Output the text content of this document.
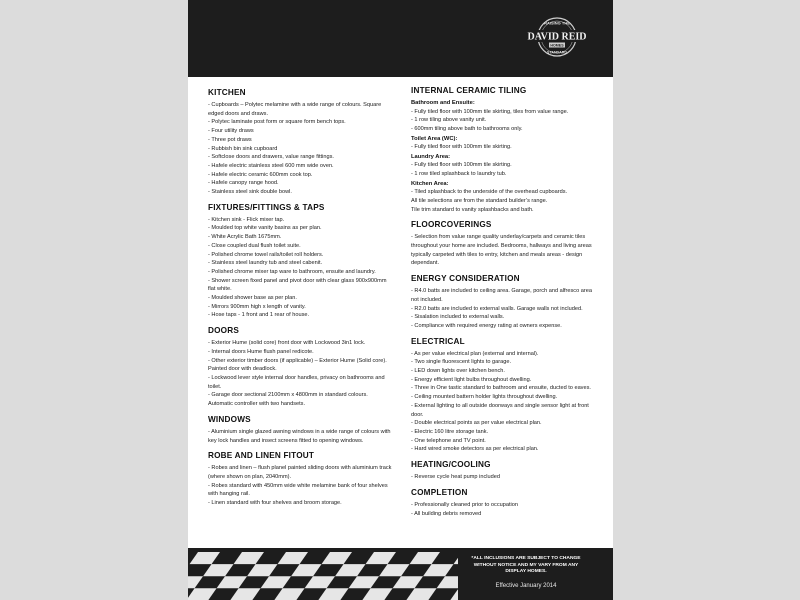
RAISING THE
DAVID REID
HOMES
STANDARD
KITCHEN
- Cupboards – Polytec melamine with a wide range of colours. Square edged doors and draws.
- Polytec laminate post form or square form bench tops.
- Four utility draws
- Three pot draws
- Rubbish bin sink cupboard
- Softclose doors and drawers, value range fittings.
- Hafele electric stainless steel 600 mm wide oven.
- Hafele electric ceramic 600mm cook top.
- Hafele canopy range hood.
- Stainless steel sink double bowl.
FIXTURES/FITTINGS & TAPS
- Kitchen sink - Flick mixer tap.
- Moulded top white vanity basins as per plan.
- White Acrylic Bath 1675mm.
- Close coupled dual flush toilet suite.
- Polished chrome towel rails/toilet roll holders.
- Stainless steel laundry tub and steel cabenit.
- Polished chrome mixer tap ware to bathroom, ensuite and laundry.
- Shower screen fixed panel and pivot door with clear glass 900x900mm flat white.
- Moulded shower base as per plan.
- Mirrors 900mm high x length of vanity.
- Hose taps - 1 front and 1 rear of house.
DOORS
- Exterior Hume (solid core) front door with Lockwood 3in1 lock.
- Internal doors Hume flush panel redicote.
- Other exterior timber doors (if applicable) – Exterior Hume (Solid core). Painted door with deadlock.
- Lockwood lever style internal door handles, privacy on bathrooms and toilet.
- Garage door sectional 2100mm x 4800mm in standard colours. Automatic controller with two handsets.
WINDOWS
- Aluminium single glazed awning windows in a wide range of colours with key lock handles and insect screens fitted to opening windows.
ROBE AND LINEN FITOUT
- Robes and linen – flush planel painted sliding doors with aluminium track (where shown on plan, 2040mm).
- Robes standard with 450mm wide white melamine bank of four shelves with hanging rail.
- Linen standard with four shelves and broom storage.
INTERNAL CERAMIC TILING
Bathroom and Ensuite:
- Fully tiled floor with 100mm tile skirting, tiles from value range.
- 1 row tiling above vanity unit.
- 600mm tiling above bath to bathrooms only.
Toilet Area (WC):
- Fully tiled floor with 100mm tile skirting.
Laundry Area:
- Fully tiled floor with 100mm tile skirting.
- 1 row tiled splashback to laundry tub.
Kitchen Area:
- Tiled splashback to the underside of the overhead cupboards.
All tile selections are from the standard builder’s range.
Tile trim standard to vanity splashbacks and bath.
FLOORCOVERINGS
- Selection from value range quality underlay/carpets and ceramic tiles throughout your home are included. Bedrooms, hallways and living areas typically carpeted with tiles to entry, kitchen and meals areas - design dependant.
ENERGY CONSIDERATION
- R4.0 batts are included to ceiling area. Garage, porch and alfresco area not included.
- R2.0 batts are included to external walls. Garage walls not included.
- Sisalation included to external walls.
- Compliance with required energy rating at owners expense.
ELECTRICAL
- As per value electrical plan (external and internal).
- Two single fluorescent lights to garage.
- LED down lights over kitchen bench.
- Energy efficient light bulbs throughout dwelling.
- Three in One tastic standard to bathroom and ensuite, ducted to eaves.
- Ceiling mounted battern holder lights throughout dwelling.
- External lighting to all outside doorways and single sensor light at front door.
- Double electrical points as per value electrical plan.
- Electric 160 litre storage tank.
- One telephone and TV point.
- Hard wired smoke detectors as per electrical plan.
HEATING/COOLING
- Reverse cycle heat pump included
COMPLETION
- Professionally cleaned prior to occupation
- All building debris removed
*ALL INCLUSIONS ARE SUBJECT TO CHANGE WITHOUT NOTICE AND MY VARY FROM ANY DISPLAY HOMES.
Effective January 2014
